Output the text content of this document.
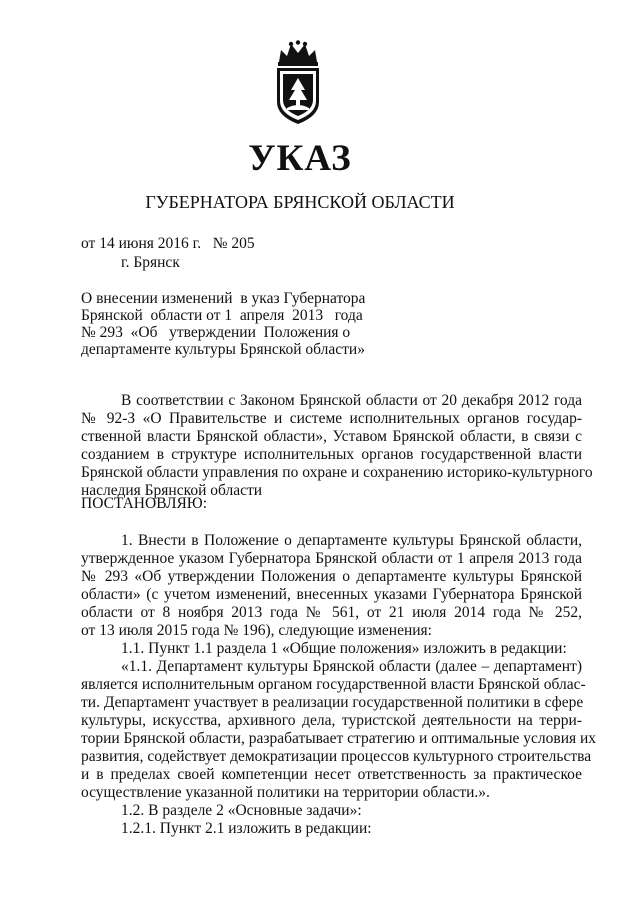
УКАЗ
ГУБЕРНАТОРА БРЯНСКОЙ ОБЛАСТИ
от 14 июня 2016 г.   № 205
г. Брянск
О внесении изменений  в указ Губернатора
Брянской  области от 1  апреля  2013   года
№ 293  «Об   утверждении  Положения о
департаменте культуры Брянской области»
В соответствии с Законом Брянской области от 20 декабря 2012 года
№ 92-З «О Правительстве и системе исполнительных органов государ-
ственной власти Брянской области», Уставом Брянской области, в связи с
созданием в структуре исполнительных органов государственной власти
Брянской области управления по охране и сохранению историко-культурного
наследия Брянской области
ПОСТАНОВЛЯЮ:
1. Внести в Положение о департаменте культуры Брянской области,
утвержденное указом Губернатора Брянской области от 1 апреля 2013 года
№ 293 «Об утверждении Положения о департаменте культуры Брянской
области» (с учетом изменений, внесенных указами Губернатора Брянской
области от 8 ноября 2013 года № 561, от 21 июля 2014 года № 252,
от 13 июля 2015 года № 196), следующие изменения:
1.1. Пункт 1.1 раздела 1 «Общие положения» изложить в редакции:
«1.1. Департамент культуры Брянской области (далее – департамент)
является исполнительным органом государственной власти Брянской облас-
ти. Департамент участвует в реализации государственной политики в сфере
культуры, искусства, архивного дела, туристской деятельности на терри-
тории Брянской области, разрабатывает стратегию и оптимальные условия их
развития, содействует демократизации процессов культурного строительства
и в пределах своей компетенции несет ответственность за практическое
осуществление указанной политики на территории области.».
1.2. В разделе 2 «Основные задачи»:
1.2.1. Пункт 2.1 изложить в редакции:
